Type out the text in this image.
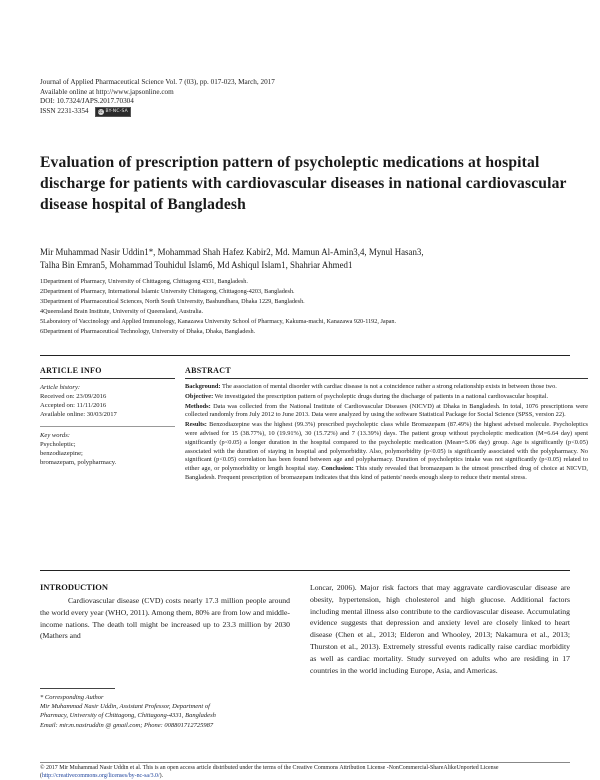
Journal of Applied Pharmaceutical Science Vol. 7 (03), pp. 017-023, March, 2017
Available online at http://www.japsonline.com
DOI: 10.7324/JAPS.2017.70304
ISSN 2231-3354 cc BY-NC-SA
Evaluation of prescription pattern of psycholeptic medications at hospital discharge for patients with cardiovascular diseases in national cardiovascular disease hospital of Bangladesh
Mir Muhammad Nasir Uddin1*, Mohammad Shah Hafez Kabir2, Md. Mamun Al-Amin3,4, Mynul Hasan3,
Talha Bin Emran5, Mohammad Touhidul Islam6, Md Ashiqul Islam1, Shahriar Ahmed1
1Department of Pharmacy, University of Chittagong, Chittagong 4331, Bangladesh.
2Department of Pharmacy, International Islamic University Chittagong, Chittagong-4203, Bangladesh.
3Department of Pharmaceutical Sciences, North South University, Bashundhara, Dhaka 1229, Bangladesh.
4Queensland Brain Institute, University of Queensland, Australia.
5Laboratory of Vaccinology and Applied Immunology, Kanazawa University School of Pharmacy, Kakuma-machi, Kanazawa 920-1192, Japan.
6Department of Pharmaceutical Technology, University of Dhaka, Dhaka, Bangladesh.
ARTICLE INFO
Article history:
Received on: 23/09/2016
Accepted on: 11/11/2016
Available online: 30/03/2017
Key words:
Psycholeptic;
benzodiazepine;
bromazepam, polypharmacy.
ABSTRACT

Background: The association of mental disorder with cardiac disease is not a coincidence rather a strong relationship exists in between those two.

Objective: We investigated the prescription pattern of psycholeptic drugs during the discharge of patients in a national cardiovascular hospital.

Methods: Data was collected from the National Institute of Cardiovascular Diseases (NICVD) at Dhaka in Bangladesh. In total, 1076 prescriptions were collected randomly from July 2012 to June 2013. Data were analyzed by using the software Statistical Package for Social Science (SPSS, version 22).

Results: Benzodiazepine was the highest (99.3%) prescribed psycholeptic class while Bromazepam (87.49%) the highest advised molecule. Psycholeptics were advised for 15 (38.77%), 10 (19.91%), 30 (15.72%) and 7 (13.39%) days. The patient group without psycholeptic medication (M=6.64 day) spent significantly (p<0.05) a longer duration in the hospital compared to the psycholeptic medication (Mean=5.06 day) group. Age is significantly (p<0.05) associated with the duration of staying in hospital and polymorbidity. Also, polymorbidity (p<0.05) is significantly associated with the polypharmacy. No significant (p<0.05) correlation has been found between age and polypharmacy. Duration of psycholeptics intake was not significantly (p<0.05) related to either age, or polymorbidity or length hospital stay. Conclusion: This study revealed that bromazepam is the utmost prescribed drug of choice at NICVD, Bangladesh. Frequent prescription of bromazepam indicates that this kind of patients' needs enough sleep to reduce their mental stress.

INTRODUCTION

Cardiovascular disease (CVD) costs nearly 17.3 million people around the world every year (WHO, 2011). Among them, 80% are from low and middle-income nations. The death toll might be increased up to 23.3 million by 2030 (Mathers and

* Corresponding Author
Mir Muhammad Nasir Uddin, Assistant Professor, Department of
Pharmacy, University of Chittagong, Chittagong-4331, Bangladesh
Email: mir.m.nasiruddin @ gmail.com; Phone: 008801712725987

Loncar, 2006). Major risk factors that may aggravate cardiovascular disease are obesity, hypertension, high cholesterol and high glucose. Additional factors including mental illness also contribute to the cardiovascular disease. Accumulating evidence suggests that depression and anxiety level are closely linked to heart disease (Chen et al., 2013; Elderon and Whooley, 2013; Nakamura et al., 2013; Thurston et al., 2013). Extremely stressful events radically raise cardiac morbidity as well as cardiac mortality. Study surveyed on adults who are residing in 17 countries in the world including Europe, Asia, and Americas.

© 2017 Mir Muhammad Nasir Uddin et al. This is an open access article distributed under the terms of the Creative Commons Attribution License -NonCommercial-ShareAlikeUnported License (http://creativecommons.org/licenses/by-nc-sa/3.0/).
